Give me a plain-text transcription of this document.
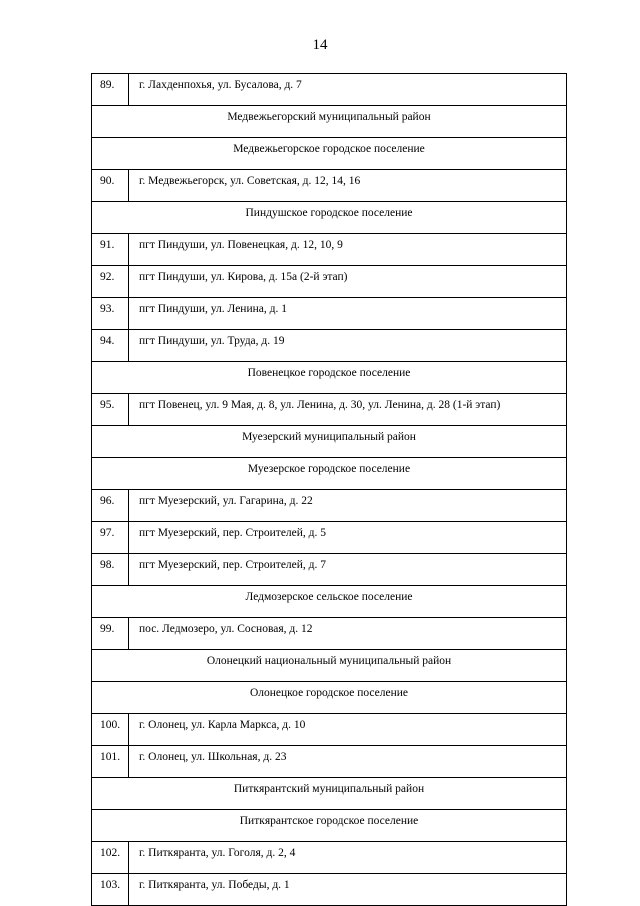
14
89.	г. Лахденпохья, ул. Бусалова, д. 7
Медвежьегорский муниципальный район	
Медвежьегорское городское поселение	
90.	г. Медвежьегорск, ул. Советская, д. 12, 14, 16
Пиндушское городское поселение	
91.	пгт Пиндуши, ул. Повенецкая, д. 12, 10, 9
92.	пгт Пиндуши, ул. Кирова, д. 15а (2-й этап)
93.	пгт Пиндуши, ул. Ленина, д. 1
94.	пгт Пиндуши, ул. Труда, д. 19
Повенецкое городское поселение	
95.	пгт Повенец, ул. 9 Мая, д. 8, ул. Ленина, д. 30, ул. Ленина, д. 28 (1-й этап)
Муезерский муниципальный район	
Муезерское городское поселение	
96.	пгт Муезерский, ул. Гагарина, д. 22
97.	пгт Муезерский, пер. Строителей, д. 5
98.	пгт Муезерский, пер. Строителей, д. 7
Ледмозерское сельское поселение	
99.	пос. Ледмозеро, ул. Сосновая, д. 12
Олонецкий национальный муниципальный район	
Олонецкое городское поселение	
100.	г. Олонец, ул. Карла Маркса, д. 10
101.	г. Олонец, ул. Школьная, д. 23
Питкярантский муниципальный район	
Питкярантское городское поселение	
102.	г. Питкяранта, ул. Гоголя, д. 2, 4
103.	г. Питкяранта, ул. Победы, д. 1
